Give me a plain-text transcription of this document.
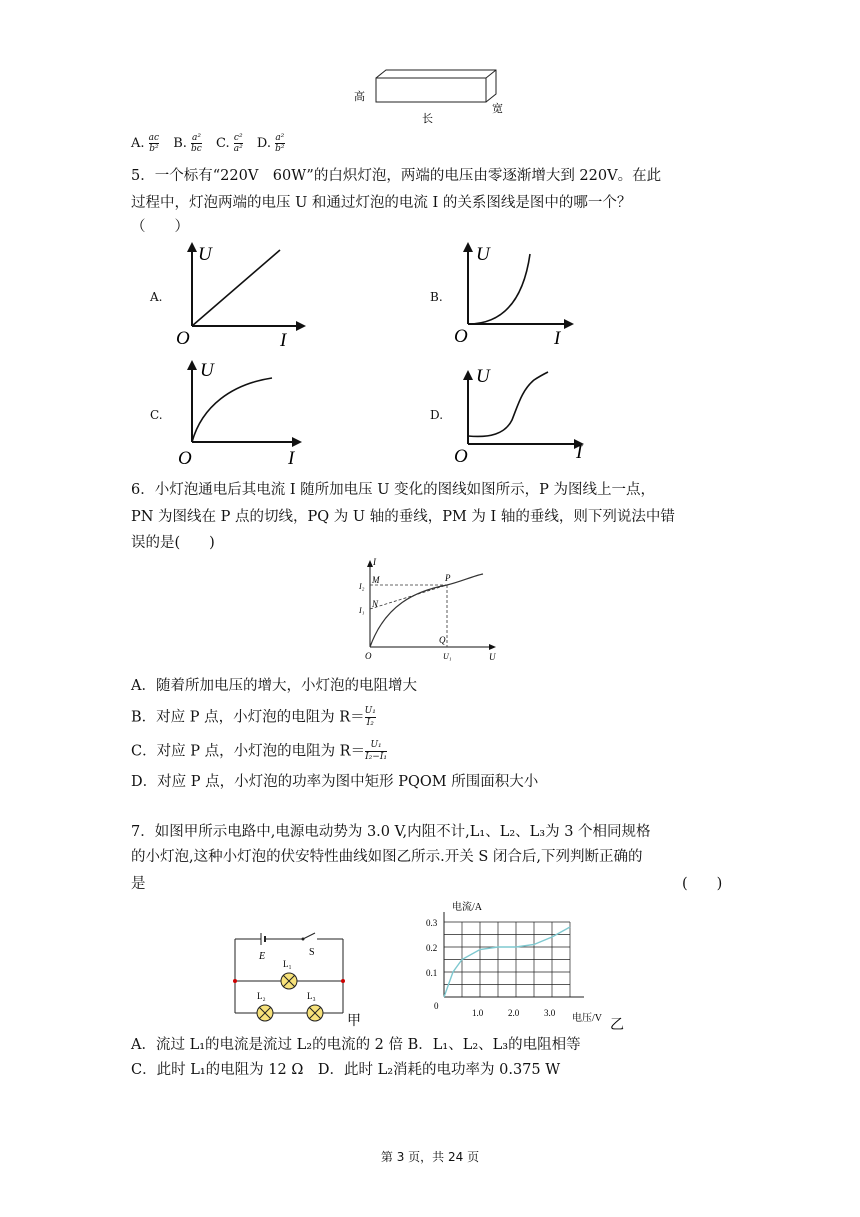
高
长
宽
A. $\frac{ac}{\text{b²}} B$. $\frac{\text{a²}}{bc} C$. $\frac{\text{c²}}{\text{a²}} D$. $\frac{\text{a²}}{\text{b²}}$
5．一个标有“220V　60W”的白炽灯泡，两端的电压由零逐渐增大到 220V。在此
过程中，灯泡两端的电压 U 和通过灯泡的电流 I 的关系图线是图中的哪一个？
（　　）
A.
U
I
O
B.
U
I
O
C.
U
I
O
D.
U
I
O
6．小灯泡通电后其电流 I 随所加电压 U 变化的图线如图所示，P 为图线上一点，
PN 为图线在 P 点的切线，PQ 为 U 轴的垂线，PM 为 I 轴的垂线，则下列说法中错
误的是(　　)
I
U
O
I₂
I₁
M
N
P
Q
U₁
A．随着所加电压的增大，小灯泡的电阻增大
B．对应 P 点，小灯泡的电阻为 $R= \frac{\text{U₁}}{\text{I₂}}$
C．对应 P 点，小灯泡的电阻为 $R= \frac{\text{U₁}}{\text{I₂−I₁}}$
D．对应 P 点，小灯泡的功率为图中矩形 PQOM 所围面积大小
7．如图甲所示电路中,电源电动势为 3.0 V,内阻不计,L₁、L₂、L₃为 3 个相同规格
的小灯泡,这种小灯泡的伏安特性曲线如图乙所示.开关 S 闭合后,下列判断正确的
是	(　　)
E	S
L₁
L₂	L₃
甲
电流/A
电压/V 乙
0
0.3
0.2
0.1
1.0	2.0	3.0
A．流过 L₁的电流是流过 L₂的电流的 2 倍 B．L₁、L₂、L₃的电阻相等
C．此时 L₁的电阻为 12 Ω　D．此时 L₂消耗的电功率为 0.375 W
第 3 页，共 24 页
